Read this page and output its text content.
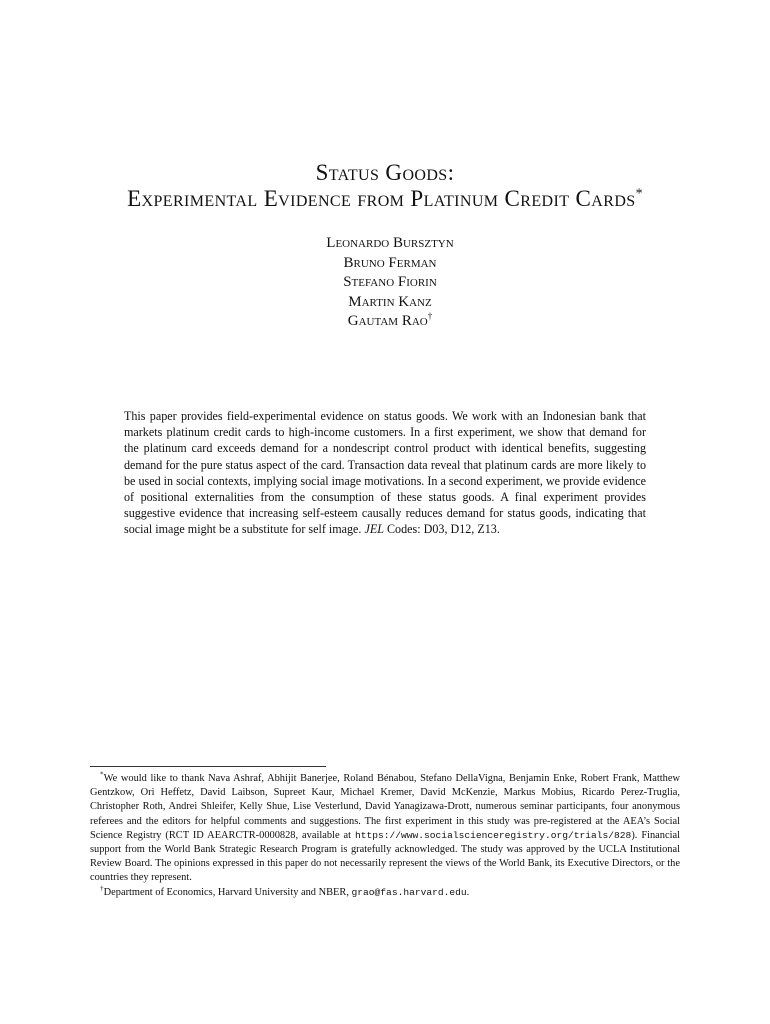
Status Goods:
Experimental Evidence from Platinum Credit Cards*
Leonardo Bursztyn
Bruno Ferman
Stefano Fiorin
Martin Kanz
Gautam Rao†
This paper provides field-experimental evidence on status goods. We work with an Indonesian bank that markets platinum credit cards to high-income customers. In a first experiment, we show that demand for the platinum card exceeds demand for a nondescript control product with identical benefits, suggesting demand for the pure status aspect of the card. Transaction data reveal that platinum cards are more likely to be used in social contexts, implying social image motivations. In a second experiment, we provide evidence of positional externalities from the consumption of these status goods. A final experiment provides suggestive evidence that increasing self-esteem causally reduces demand for status goods, indicating that social image might be a substitute for self image. JEL Codes: D03, D12, Z13.

*We would like to thank Nava Ashraf, Abhijit Banerjee, Roland Bénabou, Stefano DellaVigna, Benjamin Enke, Robert Frank, Matthew Gentzkow, Ori Heffetz, David Laibson, Supreet Kaur, Michael Kremer, David McKenzie, Markus Mobius, Ricardo Perez-Truglia, Christopher Roth, Andrei Shleifer, Kelly Shue, Lise Vesterlund, David Yanagizawa-Drott, numerous seminar participants, four anonymous referees and the editors for helpful comments and suggestions. The first experiment in this study was pre-registered at the AEA’s Social Science Registry (RCT ID AEARCTR-0000828, available at https://www.socialscienceregistry.org/trials/828). Financial support from the World Bank Strategic Research Program is gratefully acknowledged. The study was approved by the UCLA Institutional Review Board. The opinions expressed in this paper do not necessarily represent the views of the World Bank, its Executive Directors, or the countries they represent.

†Department of Economics, Harvard University and NBER, grao@fas.harvard.edu.
